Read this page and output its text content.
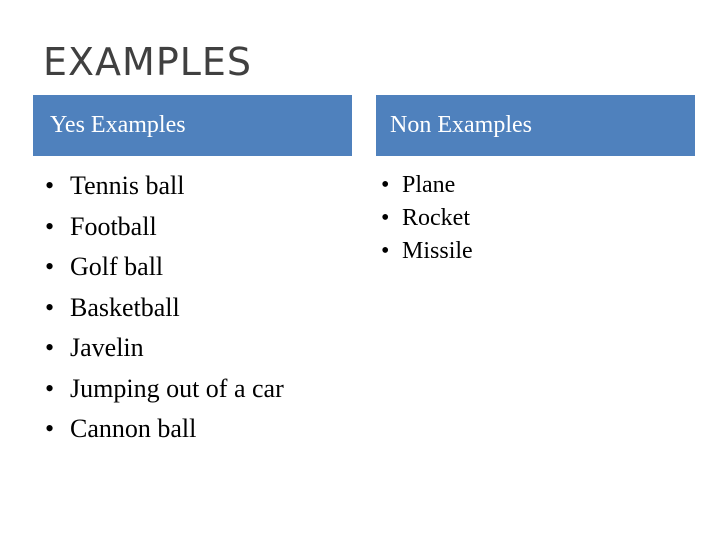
EXAMPLES
Yes Examples	Non Examples
• Tennis ball
• Football
• Golf ball
• Basketball
• Javelin
• Jumping out of a car
• Cannon ball
• Plane
• Rocket
• Missile
